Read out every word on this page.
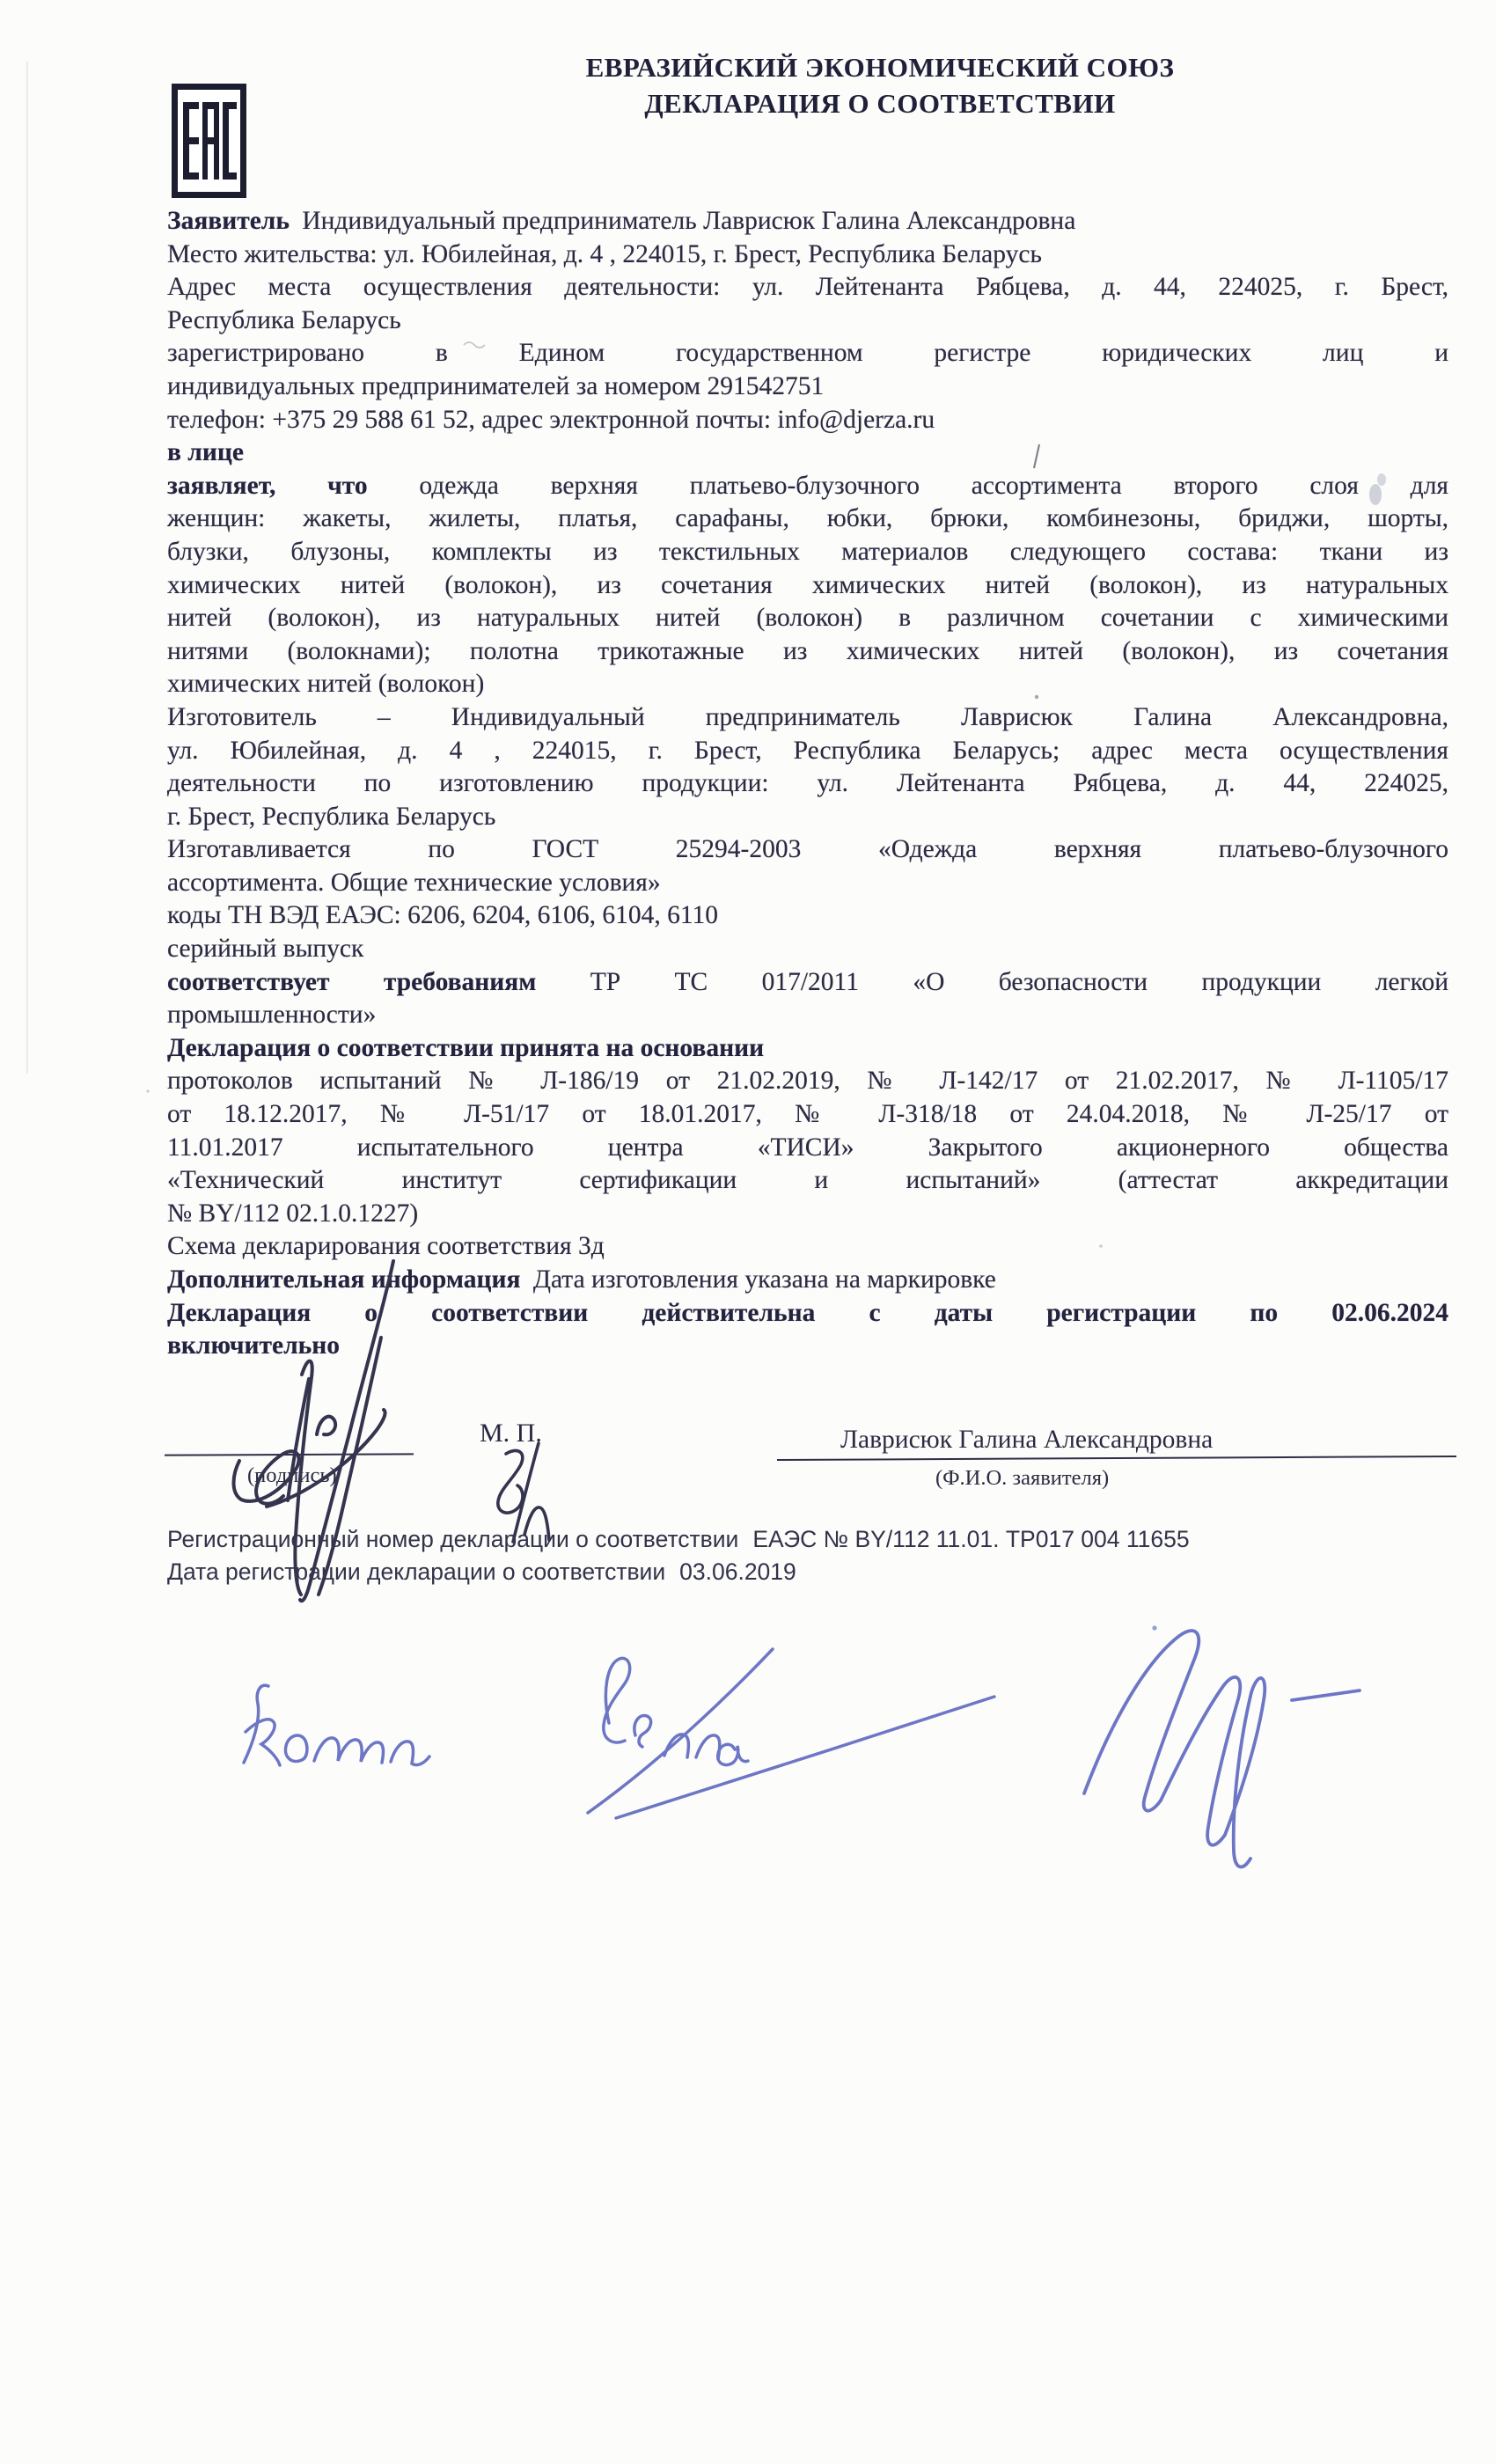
ЕВРАЗИЙСКИЙ ЭКОНОМИЧЕСКИЙ СОЮЗ
ДЕКЛАРАЦИЯ О СООТВЕТСТВИИ
Заявитель Индивидуальный предприниматель Лаврисюк Галина Александровна
Место жительства: ул. Юбилейная, д. 4 , 224015, г. Брест, Республика Беларусь
Адрес места осуществления деятельности: ул. Лейтенанта Рябцева, д. 44, 224025, г. Брест,
Республика Беларусь
зарегистрировано в Едином государственном регистре юридических лиц и
индивидуальных предпринимателей за номером 291542751
телефон: +375 29 588 61 52, адрес электронной почты: info@djerza.ru
в лице
заявляет, что одежда верхняя платьево-блузочного ассортимента второго слоя для
женщин: жакеты, жилеты, платья, сарафаны, юбки, брюки, комбинезоны, бриджи, шорты,
блузки, блузоны, комплекты из текстильных материалов следующего состава: ткани из
химических нитей (волокон), из сочетания химических нитей (волокон), из натуральных
нитей (волокон), из натуральных нитей (волокон) в различном сочетании с химическими
нитями (волокнами); полотна трикотажные из химических нитей (волокон), из сочетания
химических нитей (волокон)
Изготовитель – Индивидуальный предприниматель Лаврисюк Галина Александровна,
ул. Юбилейная, д. 4 , 224015, г. Брест, Республика Беларусь; адрес места осуществления
деятельности по изготовлению продукции: ул. Лейтенанта Рябцева, д. 44, 224025,
г. Брест, Республика Беларусь
Изготавливается по ГОСТ 25294-2003 «Одежда верхняя платьево-блузочного
ассортимента. Общие технические условия»
коды ТН ВЭД ЕАЭС: 6206, 6204, 6106, 6104, 6110
серийный выпуск
соответствует требованиям ТР ТС 017/2011 «О безопасности продукции легкой
промышленности»
Декларация о соответствии принята на основании
протоколов испытаний № Л-186/19 от 21.02.2019, № Л-142/17 от 21.02.2017, № Л-1105/17
от 18.12.2017, № Л-51/17 от 18.01.2017, № Л-318/18 от 24.04.2018, № Л-25/17 от
11.01.2017 испытательного центра «ТИСИ» Закрытого акционерного общества
«Технический институт сертификации и испытаний» (аттестат аккредитации
№ BY/112 02.1.0.1227)
Схема декларирования соответствия 3д
Дополнительная информация Дата изготовления указана на маркировке
Декларация о соответствии действительна с даты регистрации по 02.06.2024
включительно
(подпись)
М. П.	Лаврисюк Галина Александровна
(Ф.И.О. заявителя)
Регистрационный номер декларации о соответствии ЕАЭС № BY/112 11.01. ТР017 004 11655
Дата регистрации декларации о соответствии 03.06.2019
